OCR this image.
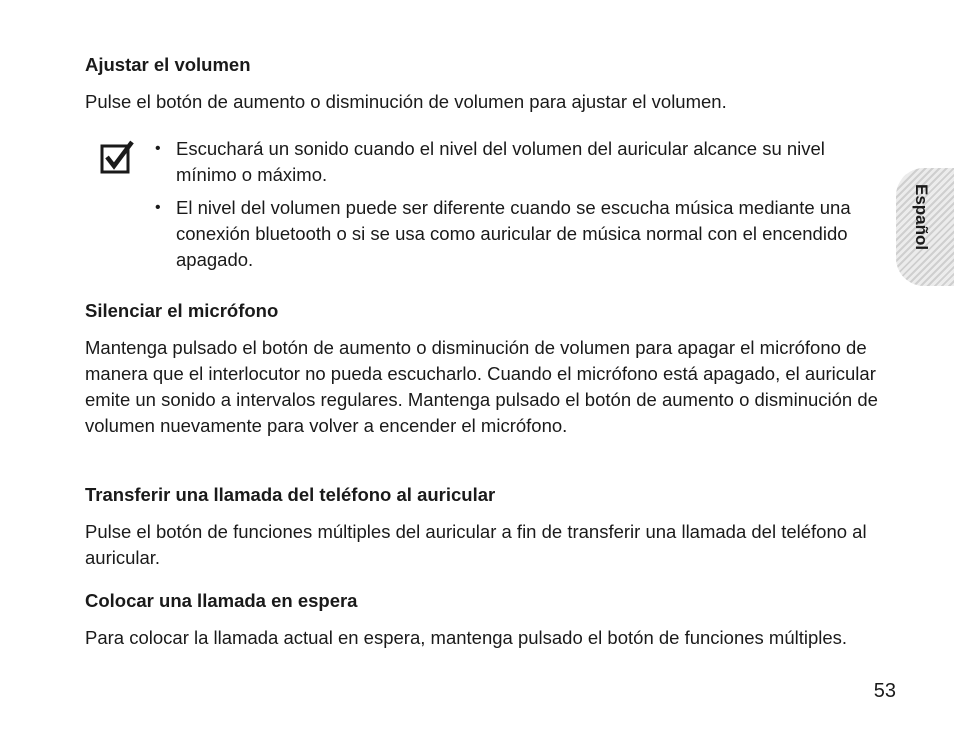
Ajustar el volumen

Pulse el botón de aumento o disminución de volumen para ajustar el volumen.

• Escuchará un sonido cuando el nivel del volumen del auricular alcance su nivel mínimo o máximo.
• El nivel del volumen puede ser diferente cuando se escucha música mediante una conexión bluetooth o si se usa como auricular de música normal con el encendido apagado.
Silenciar el micrófono

Mantenga pulsado el botón de aumento o disminución de volumen para apagar el micrófono de manera que el interlocutor no pueda escucharlo. Cuando el micrófono está apagado, el auricular emite un sonido a intervalos regulares. Mantenga pulsado el botón de aumento o disminución de volumen nuevamente para volver a encender el micrófono.

Transferir una llamada del teléfono al auricular

Pulse el botón de funciones múltiples del auricular a fin de transferir una llamada del teléfono al auricular.

Colocar una llamada en espera

Para colocar la llamada actual en espera, mantenga pulsado el botón de funciones múltiples.

Español
53
